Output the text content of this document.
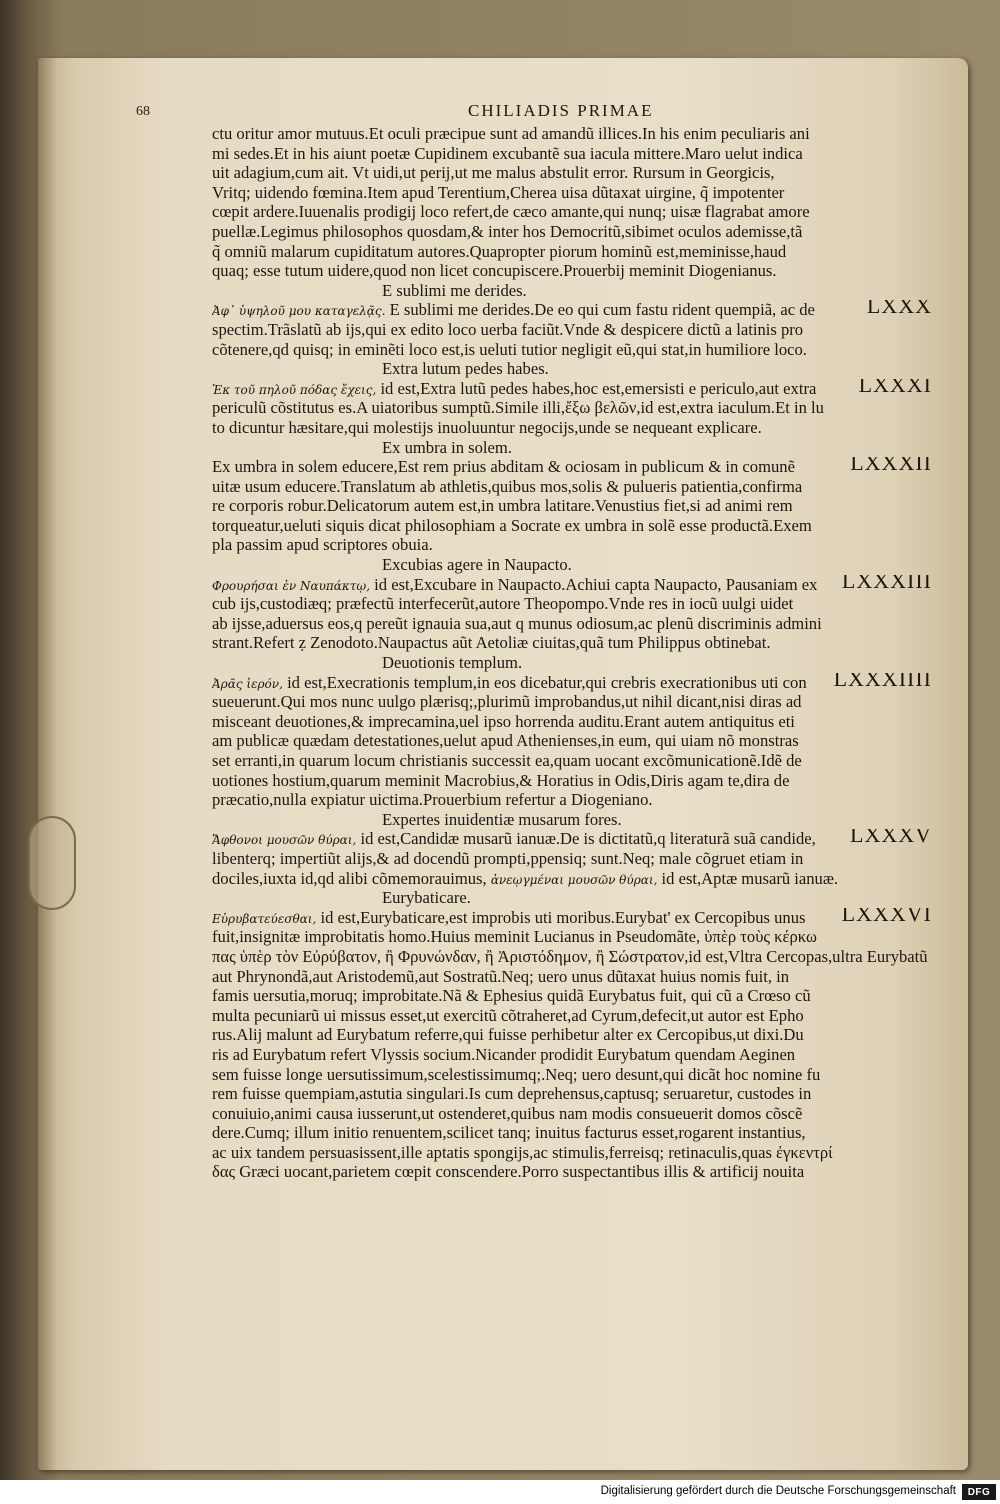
68	CHILIADIS PRIMAE
ctu oritur amor mutuus.Et oculi præcipue sunt ad amandũ illices.In his enim peculiaris ani
mi sedes.Et in his aiunt poetæ Cupidinem excubantẽ sua iacula mittere.Maro uelut indica
uit adagium,cum ait. Vt uidi,ut perij,ut me malus abstulit error. Rursum in Georgicis,
Vritq; uidendo fœmina.Item apud Terentium,Cherea uisa dũtaxat uirgine, q̃ impotenter
cœpit ardere.Iuuenalis prodigij loco refert,de cæco amante,qui nunq; uisæ flagrabat amore
puellæ.Legimus philosophos quosdam,& inter hos Democritũ,sibimet oculos ademisse,tã
q̃ omniũ malarum cupiditatum autores.Quapropter piorum hominũ est,meminisse,haud
quaq; esse tutum uidere,quod non licet concupiscere.Prouerbij meminit Diogenianus.
E sublimi me derides.
Ἀφ᾽ ὑψηλοῦ μου καταγελᾷς. E sublimi me derides.De eo qui cum fastu rident quempiã, ac de LXXX
spectim.Trãslatũ ab ijs,qui ex edito loco uerba faciũt.Vnde & despicere dictũ a latinis pro
cõtenere,qd quisq; in eminẽti loco est,is ueluti tutior negligit eũ,qui stat,in humiliore loco.
Extra lutum pedes habes.
Ἐκ τοῦ πηλοῦ πόδας ἔχεις, id est,Extra lutũ pedes habes,hoc est,emersisti e periculo,aut extra LXXXI
periculũ cõstitutus es.A uiatoribus sumptũ.Simile illi,ἔξω βελῶν,id est,extra iaculum.Et in lu
to dicuntur hæsitare,qui molestijs inuoluuntur negocijs,unde se nequeant explicare.
Ex umbra in solem.
Ex umbra in solem educere,Est rem prius abditam & ociosam in publicum & in comunẽ	LXXXII
uitæ usum educere.Translatum ab athletis,quibus mos,solis & pulueris patientia,confirma
re corporis robur.Delicatorum autem est,in umbra latitare.Venustius fiet,si ad animi rem
torqueatur,ueluti siquis dicat philosophiam a Socrate ex umbra in solẽ esse productã.Exem
pla passim apud scriptores obuia.
Excubias agere in Naupacto.
Φρουρήσαι ἐν Ναυπάκτῳ, id est,Excubare in Naupacto.Achiui capta Naupacto, Pausaniam ex LXXXIII
cub ijs,custodiæq; præfectũ interfecerũt,autore Theopompo.Vnde res in iocũ uulgi uidet
ab ijsse,aduersus eos,q pereũt ignauia sua,aut q munus odiosum,ac plenũ discriminis admini
strant.Refert ẓ Zenodoto.Naupactus aũt Aetoliæ ciuitas,quã tum Philippus obtinebat.
Deuotionis templum.
Ἀρᾶς ἱερόν, id est,Execrationis templum,in eos dicebatur,qui crebris execrationibus uti con LXXXIIII
sueuerunt.Qui mos nunc uulgo plærisq;,plurimũ improbandus,ut nihil dicant,nisi diras ad
misceant deuotiones,& imprecamina,uel ipso horrenda auditu.Erant autem antiquitus eti
am publicæ quædam detestationes,uelut apud Athenienses,in eum, qui uiam nõ monstras
set erranti,in quarum locum christianis successit ea,quam uocant excõmunicationẽ.Idẽ de
uotiones hostium,quarum meminit Macrobius,& Horatius in Odis,Diris agam te,dira de
præcatio,nulla expiatur uictima.Prouerbium refertur a Diogeniano.
Expertes inuidentiæ musarum fores.
Ἄφθονοι μουσῶν θύραι, id est,Candidæ musarũ ianuæ.De is dictitatũ,q literaturã suã candide, LXXXV
libenterq; impertiũt alijs,& ad docendũ prompti,ppensiq; sunt.Neq; male cõgruet etiam in
dociles,iuxta id,qd alibi cõmemorauimus, ἀνεῳγμέναι μουσῶν θύραι, id est,Aptæ musarũ ianuæ.
Eurybaticare.
Εὐρυβατεύεσθαι, id est,Eurybaticare,est improbis uti moribus.Eurybat' ex Cercopibus unus LXXXVI
fuit,insignitæ improbitatis homo.Huius meminit Lucianus in Pseudomãte, ὑπὲρ τοὺς κέρκω
πας ὑπὲρ τὸν Εὐρύβατον, ἢ Φρυνώνδαν, ἢ Ἀριστόδημον, ἢ Σώστρατον,id est,Vltra Cercopas,ultra Eurybatũ
aut Phrynondã,aut Aristodemũ,aut Sostratũ.Neq; uero unus dũtaxat huius nomis fuit, in
famis uersutia,moruq; improbitate.Nã & Ephesius quidã Eurybatus fuit, qui cũ a Crœso cũ
multa pecuniarũ ui missus esset,ut exercitũ cõtraheret,ad Cyrum,defecit,ut autor est Epho
rus.Alij malunt ad Eurybatum referre,qui fuisse perhibetur alter ex Cercopibus,ut dixi.Du
ris ad Eurybatum refert Vlyssis socium.Nicander prodidit Eurybatum quendam Aeginen
sem fuisse longe uersutissimum,scelestissimumq;.Neq; uero desunt,qui dicãt hoc nomine fu
rem fuisse quempiam,astutia singulari.Is cum deprehensus,captusq; seruaretur, custodes in
conuiuio,animi causa iusserunt,ut ostenderet,quibus nam modis consueuerit domos cõscẽ
dere.Cumq; illum initio renuentem,scilicet tanq; inuitus facturus esset,rogarent instantius,
ac uix tandem persuasissent,ille aptatis spongijs,ac stimulis,ferreisq; retinaculis,quas ἐγκεντρί
δας Græci uocant,parietem cœpit conscendere.Porro suspectantibus illis & artificij nouita
Digitalisierung gefördert durch die Deutsche Forschungsgemeinschaft	DFG
